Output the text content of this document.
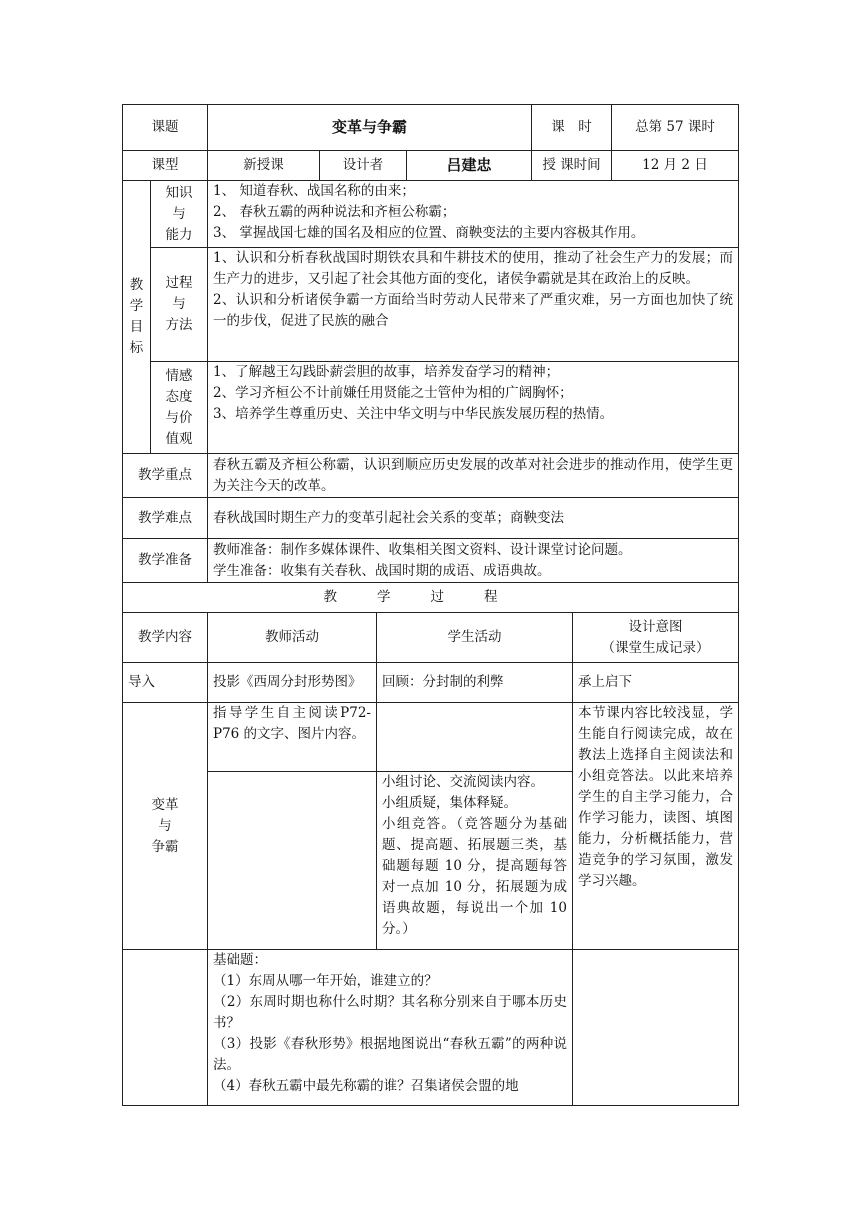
课题	变革与争霸			课　时	总第 57 课时
课型	新授课	设计者	吕建忠	授 课时间	12 月 2 日
教
学
目
标	知识
与
能力	1、 知道春秋、战国名称的由来；
2、 春秋五霸的两种说法和齐桓公称霸；
3、 掌握战国七雄的国名及相应的位置、商鞅变法的主要内容极其作用。

	过程
与
方法	1、认识和分析春秋战国时期铁农具和牛耕技术的使用，推动了社会生产力的发展；而生产力的进步，又引起了社会其他方面的变化，诸侯争霸就是其在政治上的反映。
2、认识和分析诸侯争霸一方面给当时劳动人民带来了严重灾难，另一方面也加快了统一的步伐，促进了民族的融合

	情感
态度
与价
值观	1、了解越王勾践卧薪尝胆的故事，培养发奋学习的精神；
2、学习齐桓公不计前嫌任用贤能之士管仲为相的广阔胸怀；
3、培养学生尊重历史、关注中华文明与中华民族发展历程的热情。

教学重点		春秋五霸及齐桓公称霸，认识到顺应历史发展的改革对社会进步的推动作用，使学生更为关注今天的改革。
教学难点		春秋战国时期生产力的变革引起社会关系的变革；商鞅变法
教学准备		教师准备：制作多媒体课件、收集相关图文资料、设计课堂讨论问题。
学生准备：收集有关春秋、战国时期的成语、成语典故。

教学过程		
教学内容	教师活动	学生活动	设计意图
（课堂生成记录）

导入	投影《西周分封形势图》	回顾：分封制的利弊	承上启下

变革
与
争霸	指导学生自主阅读P72-P76 的文字、图片内容。		本节课内容比较浅显，学生能自行阅读完成，故在教法上选择自主阅读法和小组竞答法。以此来培养学生的自主学习能力，合作学习能力，读图、填图能力，分析概括能力，营造竞争的学习氛围，激发学习兴趣。

		小组讨论、交流阅读内容。
小组质疑，集体释疑。
小组竞答。（竞答题分为基础题、提高题、拓展题三类，基础题每题 10 分，提高题每答对一点加 10 分，拓展题为成语典故题，每说出一个加 10 分。）	

	基础题：
（1）东周从哪一年开始，谁建立的？
（2）东周时期也称什么时期？其名称分别来自于哪本历史书？
（3）投影《春秋形势》根据地图说出“春秋五霸”的两种说法。
（4）春秋五霸中最先称霸的谁？召集诸侯会盟的地		
